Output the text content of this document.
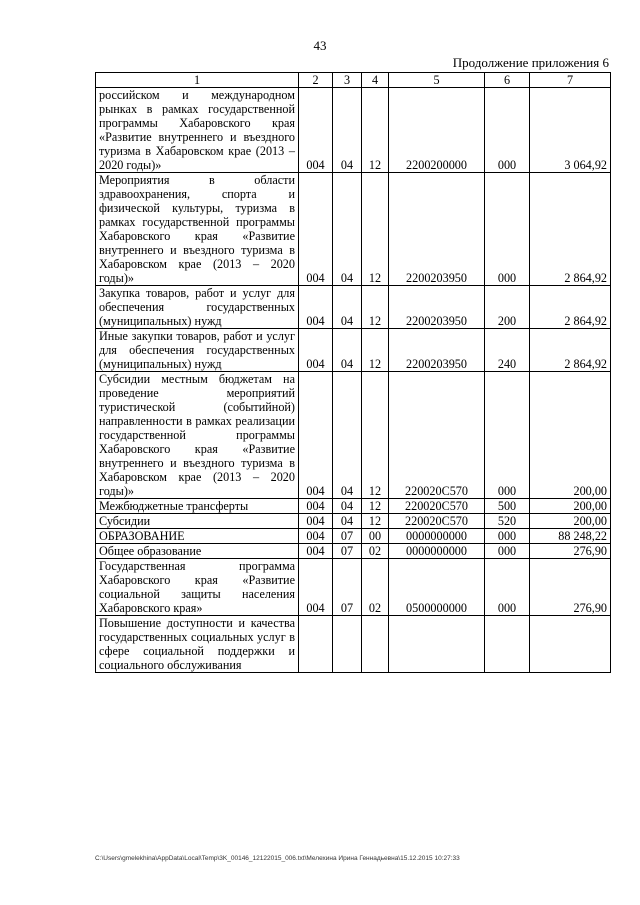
43
Продолжение приложения 6
1	2	3	4	5	6	7
российском и международном рынках в рамках государственной программы Хабаровского края «Развитие внутреннего и въездного туризма в Хабаровском крае (2013 – 2020 годы)»	004	04	12	2200200000	000	3 064,92
Мероприятия в области здравоохранения, спорта и физической культуры, туризма в рамках государственной программы Хабаровского края «Развитие внутреннего и въездного туризма в Хабаровском крае (2013 – 2020 годы)»	004	04	12	2200203950	000	2 864,92
Закупка товаров, работ и услуг для обеспечения государственных (муниципальных) нужд	004	04	12	2200203950	200	2 864,92
Иные закупки товаров, работ и услуг для обеспечения государственных (муниципальных) нужд	004	04	12	2200203950	240	2 864,92
Субсидии местным бюджетам на проведение мероприятий туристической (событийной) направленности в рамках реализации государственной программы Хабаровского края «Развитие внутреннего и въездного туризма в Хабаровском крае (2013 – 2020 годы)»	004	04	12	220020С570	000	200,00
Межбюджетные трансферты	004	04	12	220020С570	500	200,00
Субсидии	004	04	12	220020С570	520	200,00
ОБРАЗОВАНИЕ	004	07	00	0000000000	000	88 248,22
Общее образование	004	07	02	0000000000	000	276,90
Государственная программа Хабаровского края «Развитие социальной защиты населения Хабаровского края»	004	07	02	0500000000	000	276,90
Повышение доступности и качества государственных социальных услуг в сфере социальной поддержки и социального обслуживания						
C:\Users\gmelekhina\AppData\Local\Temp\3K_00146_12122015_006.txt\Мелехина Ирина Геннадьевна\15.12.2015 10:27:33
